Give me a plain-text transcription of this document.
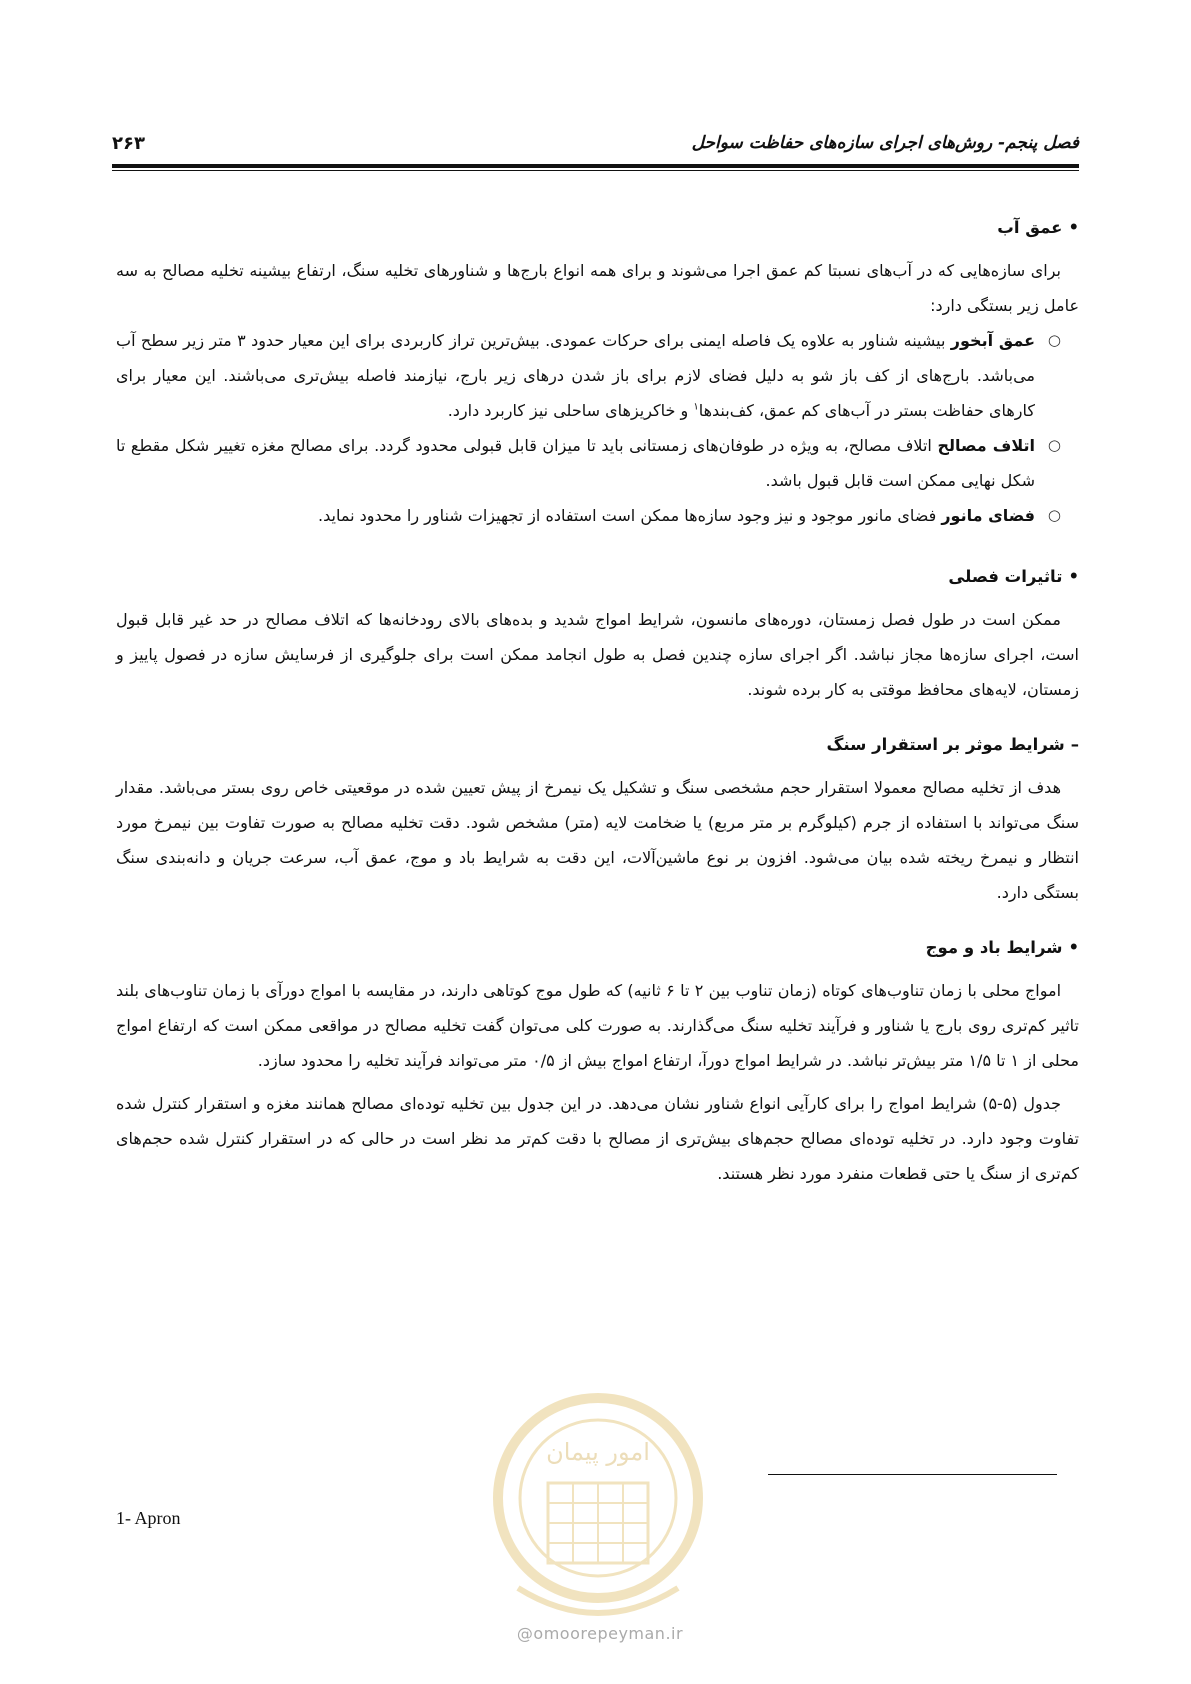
۲۶۳	فصل پنجم- روش‌های اجرای سازه‌های حفاظت سواحل
•عمق آب

برای سازه‌هایی که در آب‌های نسبتا کم عمق اجرا می‌شوند و برای همه انواع بارج‌ها و شناورهای تخلیه سنگ، ارتفاع بیشینه تخلیه مصالح به سه عامل زیر بستگی دارد:

○
عمق آبخور بیشینه شناور به علاوه یک فاصله ایمنی برای حرکات عمودی. بیش‌ترین تراز کاربردی برای این معیار حدود ۳ متر زیر سطح آب می‌باشد. بارج‌های از کف باز شو به دلیل فضای لازم برای باز شدن درهای زیر بارج، نیازمند فاصله بیش‌تری می‌باشند. این معیار برای کارهای حفاظت بستر در آب‌های کم عمق، کف‌بندها$^۱$ و خاکریزهای ساحلی نیز کاربرد دارد.
○
اتلاف مصالح اتلاف مصالح، به ویژه در طوفان‌های زمستانی باید تا میزان قابل قبولی محدود گردد. برای مصالح مغزه تغییر شکل مقطع تا شکل نهایی ممکن است قابل قبول باشد.
○
فضای مانور فضای مانور موجود و نیز وجود سازه‌ها ممکن است استفاده از تجهیزات شناور را محدود نماید.
•تاثیرات فصلی

ممکن است در طول فصل زمستان، دوره‌های مانسون، شرایط امواج شدید و بده‌های بالای رودخانه‌ها که اتلاف مصالح در حد غیر قابل قبول است، اجرای سازه‌ها مجاز نباشد. اگر اجرای سازه چندین فصل به طول انجامد ممکن است برای جلوگیری از فرسایش سازه در فصول پاییز و زمستان، لایه‌های محافظ موقتی به کار برده شوند.

–شرایط موثر بر استقرار سنگ

هدف از تخلیه مصالح معمولا استقرار حجم مشخصی سنگ و تشکیل یک نیمرخ از پیش تعیین شده در موقعیتی خاص روی بستر می‌باشد. مقدار سنگ می‌تواند با استفاده از جرم (کیلوگرم بر متر مربع) یا ضخامت لایه (متر) مشخص شود. دقت تخلیه مصالح به صورت تفاوت بین نیمرخ مورد انتظار و نیمرخ ریخته شده بیان می‌شود. افزون بر نوع ماشین‌آلات، این دقت به شرایط باد و موج، عمق آب، سرعت جریان و دانه‌بندی سنگ بستگی دارد.

•شرایط باد و موج

امواج محلی با زمان تناوب‌های کوتاه (زمان تناوب بین ۲ تا ۶ ثانیه) که طول موج کوتاهی دارند، در مقایسه با امواج دورآی با زمان تناوب‌های بلند تاثیر کم‌تری روی بارج یا شناور و فرآیند تخلیه سنگ می‌گذارند. به صورت کلی می‌توان گفت تخلیه مصالح در مواقعی ممکن است که ارتفاع امواج محلی از ۱ تا ۱/۵ متر بیش‌تر نباشد. در شرایط امواج دورآ، ارتفاع امواج بیش از ۰/۵ متر می‌تواند فرآیند تخلیه را محدود سازد.

جدول (۵-۵) شرایط امواج را برای کارآیی انواع شناور نشان می‌دهد. در این جدول بین تخلیه توده‌ای مصالح همانند مغزه و استقرار کنترل شده تفاوت وجود دارد. در تخلیه توده‌ای مصالح حجم‌های بیش‌تری از مصالح با دقت کم‌تر مد نظر است در حالی که در استقرار کنترل شده حجم‌های کم‌تری از سنگ یا حتی قطعات منفرد مورد نظر هستند.

1- Apron
امور پیمان
@omoorepeyman.ir
